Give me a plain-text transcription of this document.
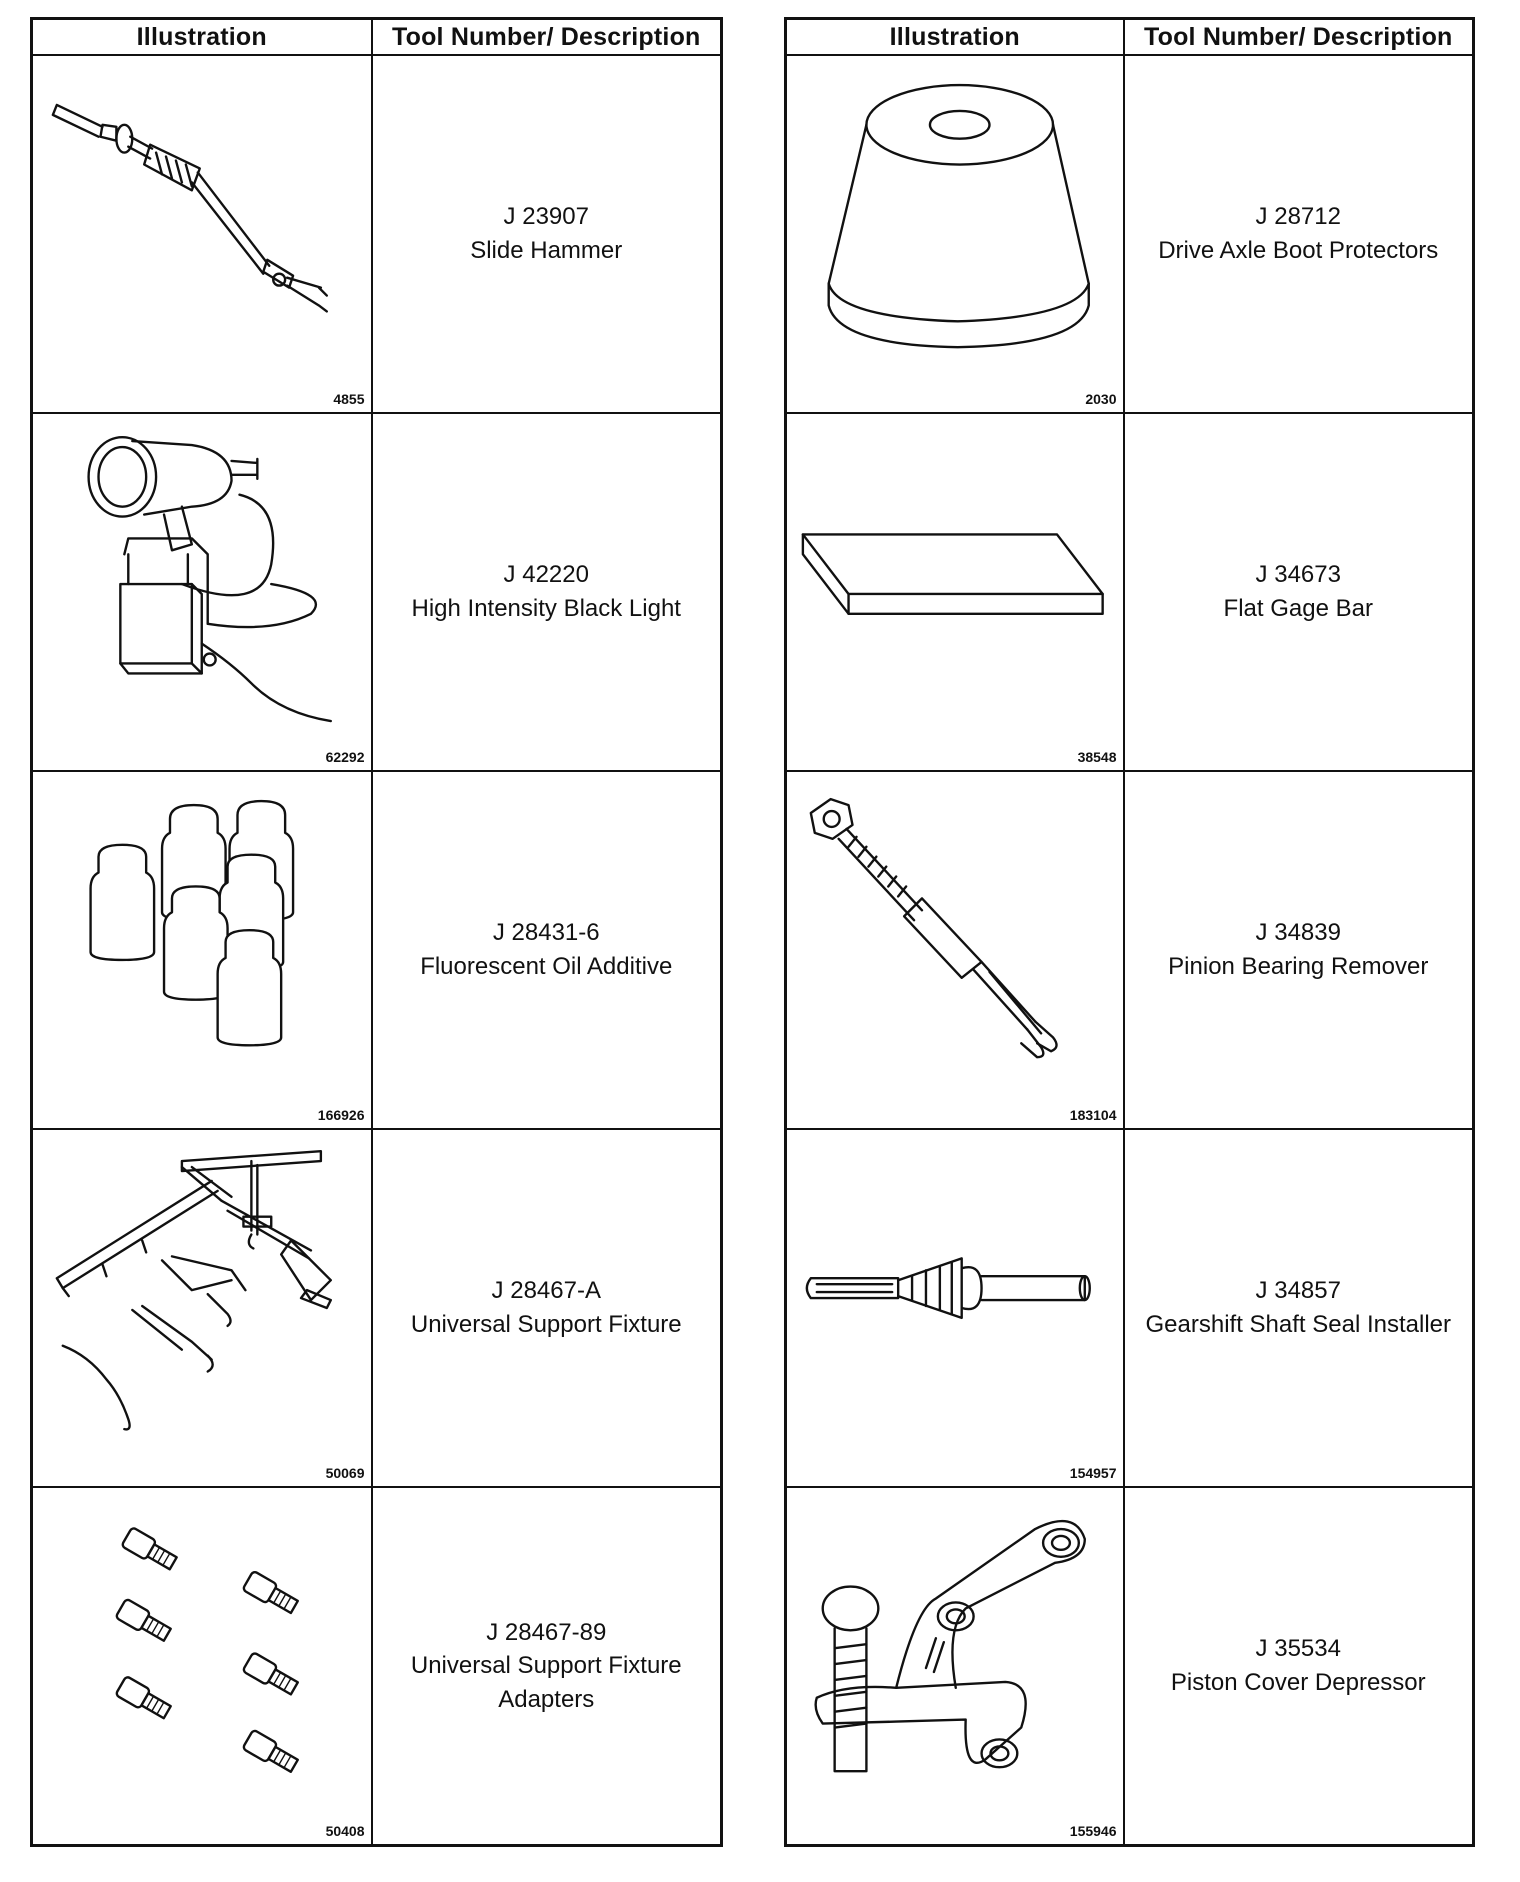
Illustration	Tool Number/ Description

4855	J 23907
Slide Hammer

62292	J 42220
High Intensity Black Light

166926	J 28431-6
Fluorescent Oil Additive

50069	J 28467-A
Universal Support Fixture

50408	J 28467-89
Universal Support Fixture Adapters
Illustration	Tool Number/ Description

2030	J 28712
Drive Axle Boot Protectors

38548	J 34673
Flat Gage Bar

183104	J 34839
Pinion Bearing Remover

154957	J 34857
Gearshift Shaft Seal Installer

155946	J 35534
Piston Cover Depressor
